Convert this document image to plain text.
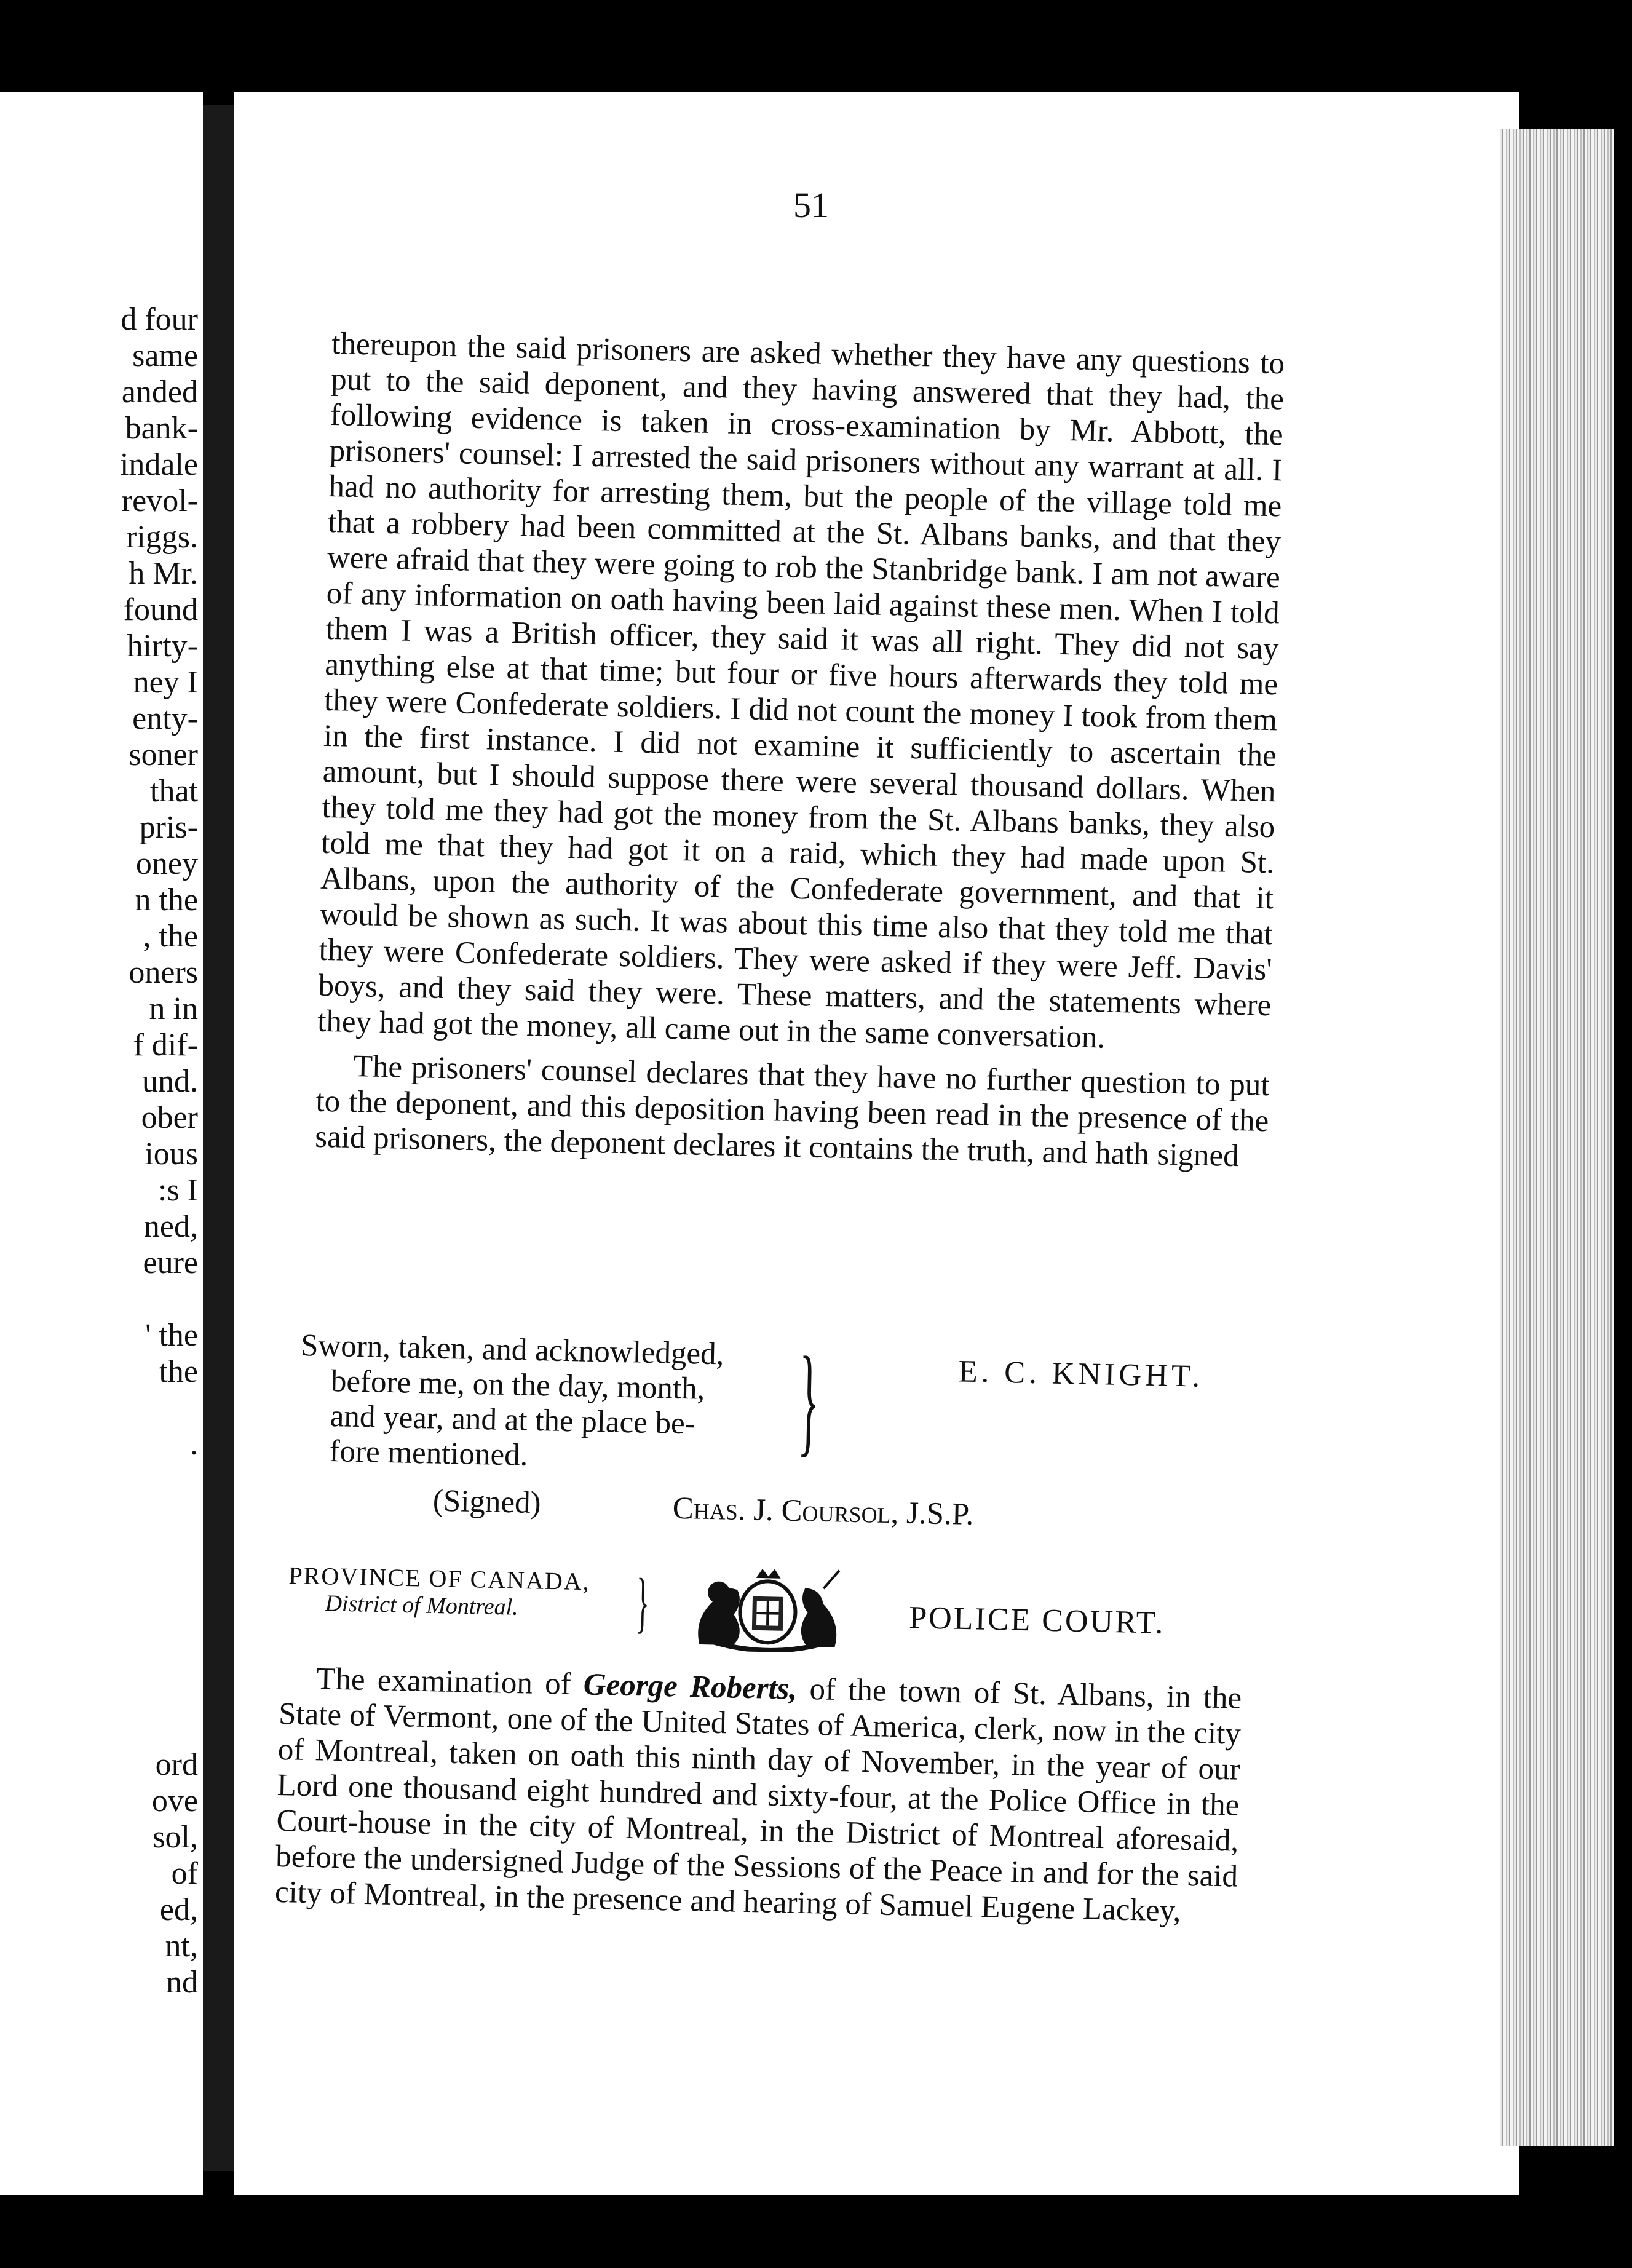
d four
same
anded
bank-
indale
revol-
riggs.
h Mr.
found
hirty-
ney I
enty-
soner
that
pris-
oney
n the
, the
oners
n in
f dif-
und.
ober
ious
:s I
ned,
eure

' the
the

.
ord
ove
sol,
of
ed,
nt,
nd
51

thereupon the said prisoners are asked whether they have any questions to put to the said deponent, and they having answered that they had, the following evidence is taken in cross-examination by Mr. Abbott, the prisoners' counsel: I arrested the said prisoners without any warrant at all. I had no authority for arresting them, but the people of the village told me that a robbery had been committed at the St. Albans banks, and that they were afraid that they were going to rob the Stanbridge bank. I am not aware of any information on oath having been laid against these men. When I told them I was a British officer, they said it was all right. They did not say anything else at that time; but four or five hours afterwards they told me they were Confederate soldiers. I did not count the money I took from them in the first instance. I did not examine it sufficiently to ascertain the amount, but I should suppose there were several thousand dollars. When they told me they had got the money from the St. Albans banks, they also told me that they had got it on a raid, which they had made upon St. Albans, upon the authority of the Confederate government, and that it would be shown as such. It was about this time also that they told me that they were Confederate soldiers. They were asked if they were Jeff. Davis' boys, and they said they were. These matters, and the statements where they had got the money, all came out in the same conversation.

The prisoners' counsel declares that they have no further question to put to the deponent, and this deposition having been read in the presence of the said prisoners, the deponent declares it contains the truth, and hath signed

Sworn, taken, and acknowledged,
before me, on the day, month,
and year, and at the place be-
fore mentioned.	}
(Signed)
E. C. KNIGHT.
Chas. J. Coursol, J.S.P.
PROVINCE OF CANADA,
District of Montreal.	}	POLICE COURT.

The examination of George Roberts, of the town of St. Albans, in the State of Vermont, one of the United States of America, clerk, now in the city of Montreal, taken on oath this ninth day of November, in the year of our Lord one thousand eight hundred and sixty-four, at the Police Office in the Court-house in the city of Montreal, in the District of Montreal aforesaid, before the undersigned Judge of the Sessions of the Peace in and for the said city of Montreal, in the presence and hearing of Samuel Eugene Lackey,
